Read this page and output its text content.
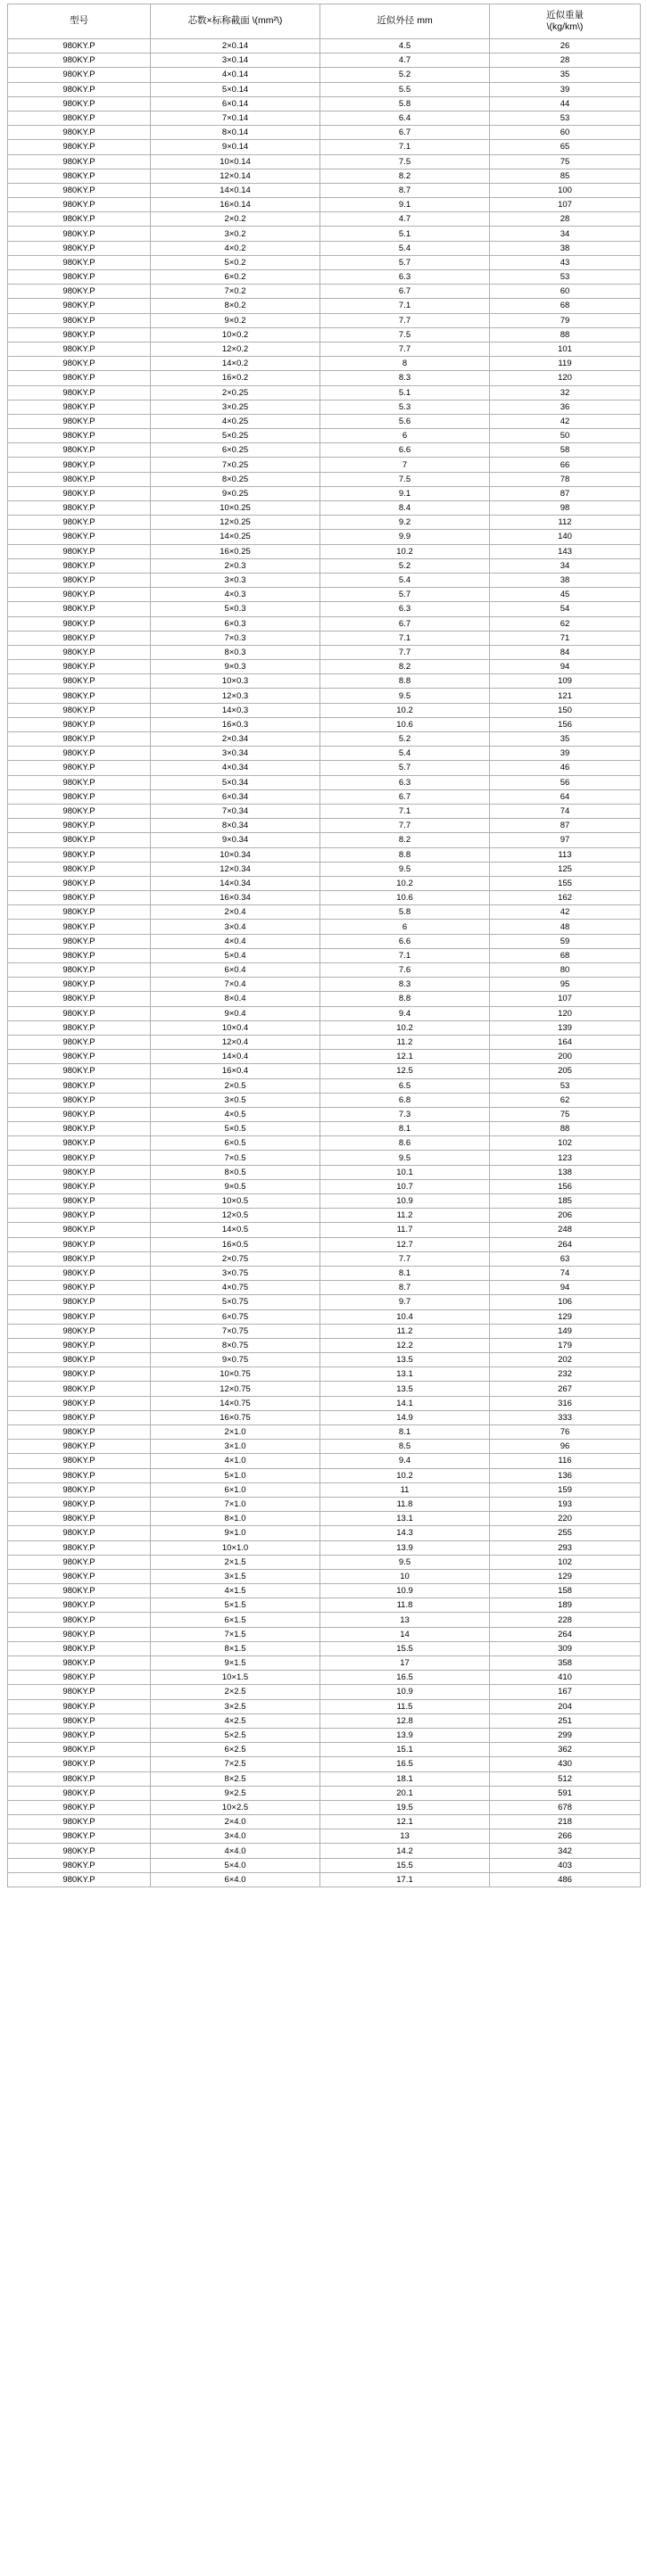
型号	芯数×标称截面 \(mm²\)	近似外径 mm	近似重量
\(kg/km\)
980KY.P	2×0.14	4.5	26
980KY.P	3×0.14	4.7	28
980KY.P	4×0.14	5.2	35
980KY.P	5×0.14	5.5	39
980KY.P	6×0.14	5.8	44
980KY.P	7×0.14	6.4	53
980KY.P	8×0.14	6.7	60
980KY.P	9×0.14	7.1	65
980KY.P	10×0.14	7.5	75
980KY.P	12×0.14	8.2	85
980KY.P	14×0.14	8.7	100
980KY.P	16×0.14	9.1	107
980KY.P	2×0.2	4.7	28
980KY.P	3×0.2	5.1	34
980KY.P	4×0.2	5.4	38
980KY.P	5×0.2	5.7	43
980KY.P	6×0.2	6.3	53
980KY.P	7×0.2	6.7	60
980KY.P	8×0.2	7.1	68
980KY.P	9×0.2	7.7	79
980KY.P	10×0.2	7.5	88
980KY.P	12×0.2	7.7	101
980KY.P	14×0.2	8	119
980KY.P	16×0.2	8.3	120
980KY.P	2×0.25	5.1	32
980KY.P	3×0.25	5.3	36
980KY.P	4×0.25	5.6	42
980KY.P	5×0.25	6	50
980KY.P	6×0.25	6.6	58
980KY.P	7×0.25	7	66
980KY.P	8×0.25	7.5	78
980KY.P	9×0.25	9.1	87
980KY.P	10×0.25	8.4	98
980KY.P	12×0.25	9.2	112
980KY.P	14×0.25	9.9	140
980KY.P	16×0.25	10.2	143
980KY.P	2×0.3	5.2	34
980KY.P	3×0.3	5.4	38
980KY.P	4×0.3	5.7	45
980KY.P	5×0.3	6.3	54
980KY.P	6×0.3	6.7	62
980KY.P	7×0.3	7.1	71
980KY.P	8×0.3	7.7	84
980KY.P	9×0.3	8.2	94
980KY.P	10×0.3	8.8	109
980KY.P	12×0.3	9.5	121
980KY.P	14×0.3	10.2	150
980KY.P	16×0.3	10.6	156
980KY.P	2×0.34	5.2	35
980KY.P	3×0.34	5.4	39
980KY.P	4×0.34	5.7	46
980KY.P	5×0.34	6.3	56
980KY.P	6×0.34	6.7	64
980KY.P	7×0.34	7.1	74
980KY.P	8×0.34	7.7	87
980KY.P	9×0.34	8.2	97
980KY.P	10×0.34	8.8	113
980KY.P	12×0.34	9.5	125
980KY.P	14×0.34	10.2	155
980KY.P	16×0.34	10.6	162
980KY.P	2×0.4	5.8	42
980KY.P	3×0.4	6	48
980KY.P	4×0.4	6.6	59
980KY.P	5×0.4	7.1	68
980KY.P	6×0.4	7.6	80
980KY.P	7×0.4	8.3	95
980KY.P	8×0.4	8.8	107
980KY.P	9×0.4	9.4	120
980KY.P	10×0.4	10.2	139
980KY.P	12×0.4	11.2	164
980KY.P	14×0.4	12.1	200
980KY.P	16×0.4	12.5	205
980KY.P	2×0.5	6.5	53
980KY.P	3×0.5	6.8	62
980KY.P	4×0.5	7.3	75
980KY.P	5×0.5	8.1	88
980KY.P	6×0.5	8.6	102
980KY.P	7×0.5	9.5	123
980KY.P	8×0.5	10.1	138
980KY.P	9×0.5	10.7	156
980KY.P	10×0.5	10.9	185
980KY.P	12×0.5	11.2	206
980KY.P	14×0.5	11.7	248
980KY.P	16×0.5	12.7	264
980KY.P	2×0.75	7.7	63
980KY.P	3×0.75	8.1	74
980KY.P	4×0.75	8.7	94
980KY.P	5×0.75	9.7	106
980KY.P	6×0.75	10.4	129
980KY.P	7×0.75	11.2	149
980KY.P	8×0.75	12.2	179
980KY.P	9×0.75	13.5	202
980KY.P	10×0.75	13.1	232
980KY.P	12×0.75	13.5	267
980KY.P	14×0.75	14.1	316
980KY.P	16×0.75	14.9	333
980KY.P	2×1.0	8.1	76
980KY.P	3×1.0	8.5	96
980KY.P	4×1.0	9.4	116
980KY.P	5×1.0	10.2	136
980KY.P	6×1.0	11	159
980KY.P	7×1.0	11.8	193
980KY.P	8×1.0	13.1	220
980KY.P	9×1.0	14.3	255
980KY.P	10×1.0	13.9	293
980KY.P	2×1.5	9.5	102
980KY.P	3×1.5	10	129
980KY.P	4×1.5	10.9	158
980KY.P	5×1.5	11.8	189
980KY.P	6×1.5	13	228
980KY.P	7×1.5	14	264
980KY.P	8×1.5	15.5	309
980KY.P	9×1.5	17	358
980KY.P	10×1.5	16.5	410
980KY.P	2×2.5	10.9	167
980KY.P	3×2.5	11.5	204
980KY.P	4×2.5	12.8	251
980KY.P	5×2.5	13.9	299
980KY.P	6×2.5	15.1	362
980KY.P	7×2.5	16.5	430
980KY.P	8×2.5	18.1	512
980KY.P	9×2.5	20.1	591
980KY.P	10×2.5	19.5	678
980KY.P	2×4.0	12.1	218
980KY.P	3×4.0	13	266
980KY.P	4×4.0	14.2	342
980KY.P	5×4.0	15.5	403
980KY.P	6×4.0	17.1	486
